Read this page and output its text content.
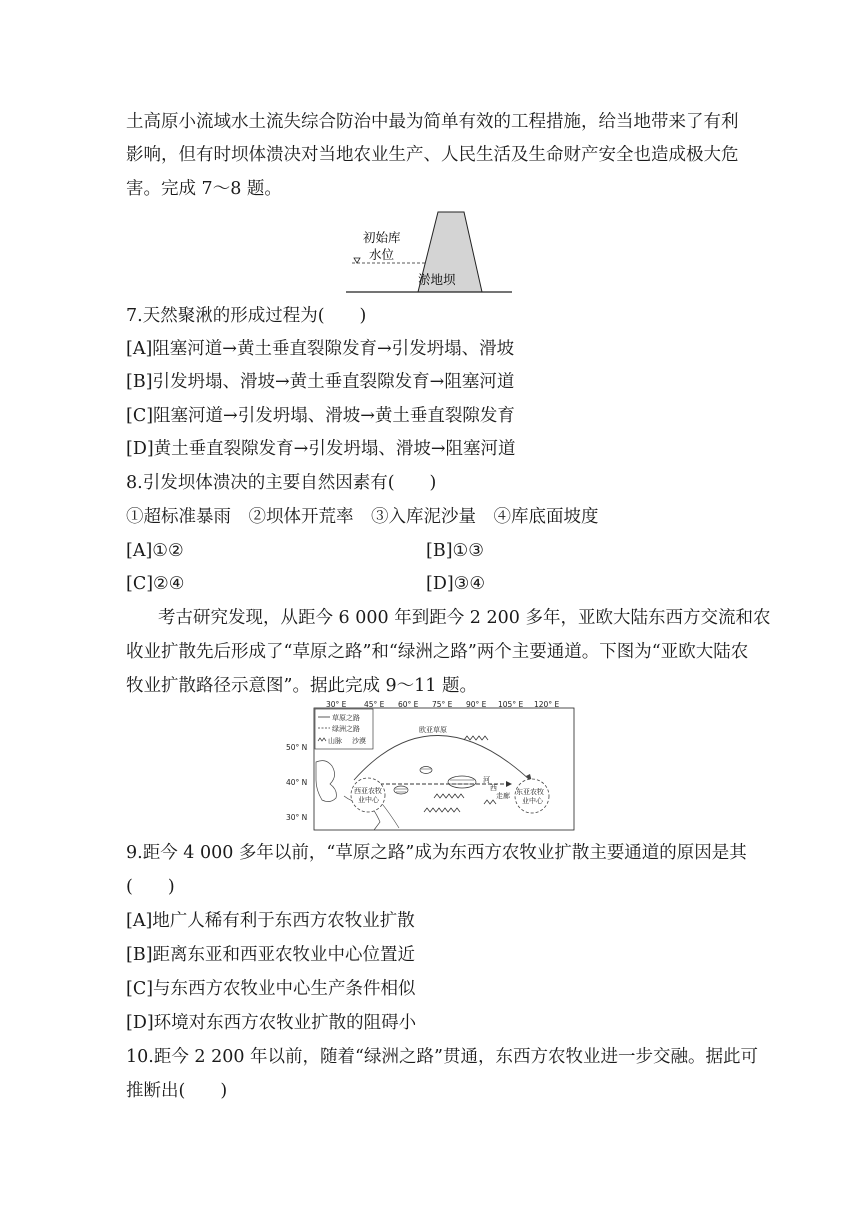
土高原小流域水土流失综合防治中最为简单有效的工程措施，给当地带来了有利
影响，但有时坝体溃决对当地农业生产、人民生活及生命财产安全也造成极大危
害。完成 7～8 题。
初始库
水位
淤地坝
7.天然聚湫的形成过程为(　　)
[A]阻塞河道→黄土垂直裂隙发育→引发坍塌、滑坡
[B]引发坍塌、滑坡→黄土垂直裂隙发育→阻塞河道
[C]阻塞河道→引发坍塌、滑坡→黄土垂直裂隙发育
[D]黄土垂直裂隙发育→引发坍塌、滑坡→阻塞河道
8.引发坝体溃决的主要自然因素有(　　)
①超标准暴雨　②坝体开荒率　③入库泥沙量　④库底面坡度
[A]①②	[B]①③
[C]②④	[D]③④
考古研究发现，从距今 6 000 年到距今 2 200 多年，亚欧大陆东西方交流和农
收业扩散先后形成了“草原之路”和“绿洲之路”两个主要通道。下图为“亚欧大陆农
牧业扩散路径示意图”。据此完成 9～11 题。
30° E 45° E 60° E 75° E 90° E 105° E 120° E
50° N
40° N
30° N
草原之路
绿洲之路
山脉 沙漠
欧亚草原
西亚农牧
业中心
东亚农牧
业中心
河
西
走廊
9.距今 4 000 多年以前，“草原之路”成为东西方农牧业扩散主要通道的原因是其
(　　)
[A]地广人稀有利于东西方农牧业扩散
[B]距离东亚和西亚农牧业中心位置近
[C]与东西方农牧业中心生产条件相似
[D]环境对东西方农牧业扩散的阻碍小
10.距今 2 200 年以前，随着“绿洲之路”贯通，东西方农牧业进一步交融。据此可
推断出(　　)
